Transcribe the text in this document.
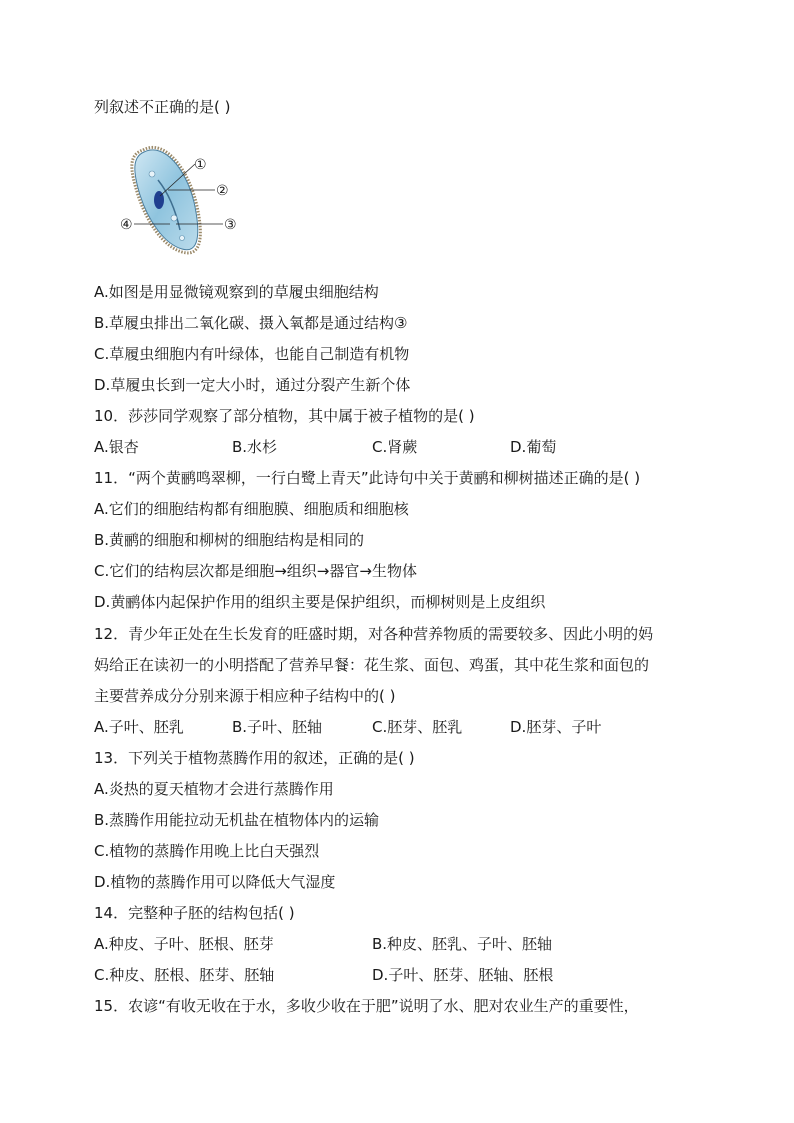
列叙述不正确的是( )
①
②
③
④
A.如图是用显微镜观察到的草履虫细胞结构
B.草履虫排出二氧化碳、摄入氧都是通过结构③
C.草履虫细胞内有叶绿体，也能自己制造有机物
D.草履虫长到一定大小时，通过分裂产生新个体
10．莎莎同学观察了部分植物，其中属于被子植物的是( )
A.银杏	B.水杉	C.肾蕨	D.葡萄
11．“两个黄鹂鸣翠柳，一行白鹭上青天”此诗句中关于黄鹂和柳树描述正确的是( )
A.它们的细胞结构都有细胞膜、细胞质和细胞核
B.黄鹂的细胞和柳树的细胞结构是相同的
C.它们的结构层次都是细胞→组织→器官→生物体
D.黄鹂体内起保护作用的组织主要是保护组织，而柳树则是上皮组织
12．青少年正处在生长发育的旺盛时期，对各种营养物质的需要较多、因此小明的妈
妈给正在读初一的小明搭配了营养早餐：花生浆、面包、鸡蛋，其中花生浆和面包的
主要营养成分分别来源于相应种子结构中的( )
A.子叶、胚乳	B.子叶、胚轴	C.胚芽、胚乳	D.胚芽、子叶
13．下列关于植物蒸腾作用的叙述，正确的是( )
A.炎热的夏天植物才会进行蒸腾作用
B.蒸腾作用能拉动无机盐在植物体内的运输
C.植物的蒸腾作用晚上比白天强烈
D.植物的蒸腾作用可以降低大气湿度
14．完整种子胚的结构包括( )
A.种皮、子叶、胚根、胚芽	B.种皮、胚乳、子叶、胚轴
C.种皮、胚根、胚芽、胚轴	D.子叶、胚芽、胚轴、胚根
15．农谚“有收无收在于水，多收少收在于肥”说明了水、肥对农业生产的重要性，
